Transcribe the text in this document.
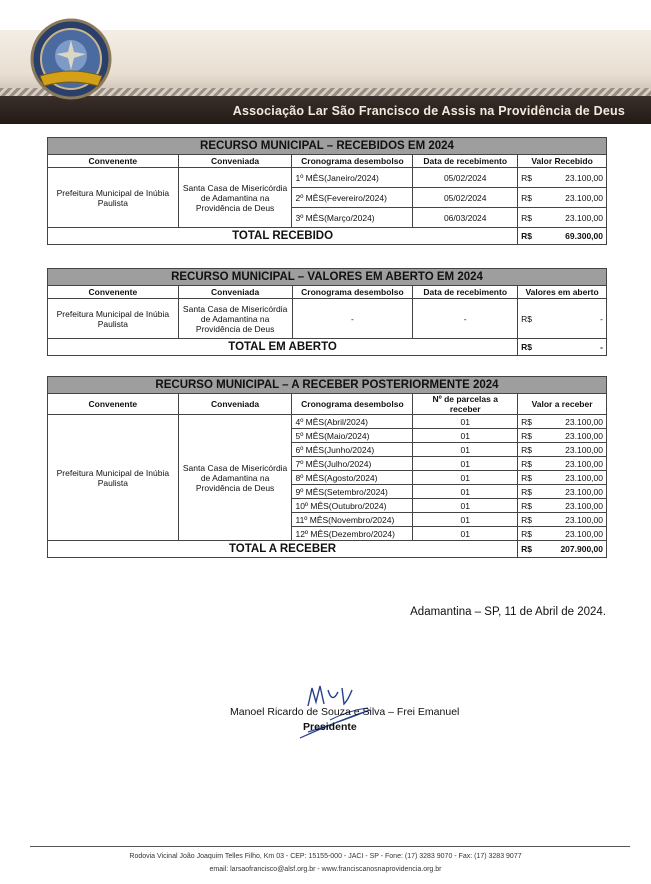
Associação Lar São Francisco de Assis na Providência de Deus
RECURSO MUNICIPAL – RECEBIDOS EM 2024				
Convenente	Conveniada	Cronograma desembolso	Data de recebimento	Valor Recebido
Prefeitura Municipal de Inúbia Paulista	Santa Casa de Misericórdia de Adamantina na Providência de Deus	1º MÊS(Janeiro/2024)	05/02/2024	R$ 23.100,00

		2º MÊS(Fevereiro/2024)	05/02/2024	R$ 23.100,00

		3º MÊS(Março/2024)	06/03/2024	R$ 23.100,00

TOTAL RECEBIDO				R$ 69.300,00
RECURSO MUNICIPAL – VALORES EM ABERTO EM 2024				
Convenente	Conveniada	Cronograma desembolso	Data de recebimento	Valores em aberto
Prefeitura Municipal de Inúbia Paulista	Santa Casa de Misericórdia de Adamantina na Providência de Deus	-	-	R$ -

TOTAL EM ABERTO				R$ -
RECURSO MUNICIPAL – A RECEBER POSTERIORMENTE 2024				
Convenente	Conveniada	Cronograma desembolso	Nº de parcelas a receber	Valor a receber
Prefeitura Municipal de Inúbia Paulista	Santa Casa de Misericórdia de Adamantina na Providência de Deus	4º MÊS(Abril/2024)	01	R$ 23.100,00

		5º MÊS(Maio/2024)	01	R$ 23.100,00

		6º MÊS(Junho/2024)	01	R$ 23.100,00

		7º MÊS(Julho/2024)	01	R$ 23.100,00

		8º MÊS(Agosto/2024)	01	R$ 23.100,00

		9º MÊS(Setembro/2024)	01	R$ 23.100,00

		10º MÊS(Outubro/2024)	01	R$ 23.100,00

		11º MÊS(Novembro/2024)	01	R$ 23.100,00

		12º MÊS(Dezembro/2024)	01	R$ 23.100,00

TOTAL A RECEBER				R$ 207.900,00
Adamantina – SP, 11 de Abril de 2024.
Manoel Ricardo de Souza e Silva – Frei Emanuel
Presidente
Rodovia Vicinal João Joaquim Telles Filho, Km 03 - CEP: 15155-000 - JACI - SP - Fone: (17) 3283 9070 - Fax: (17) 3283 9077
email: larsaofrancisco@alsf.org.br - www.franciscanosnaprovidencia.org.br
